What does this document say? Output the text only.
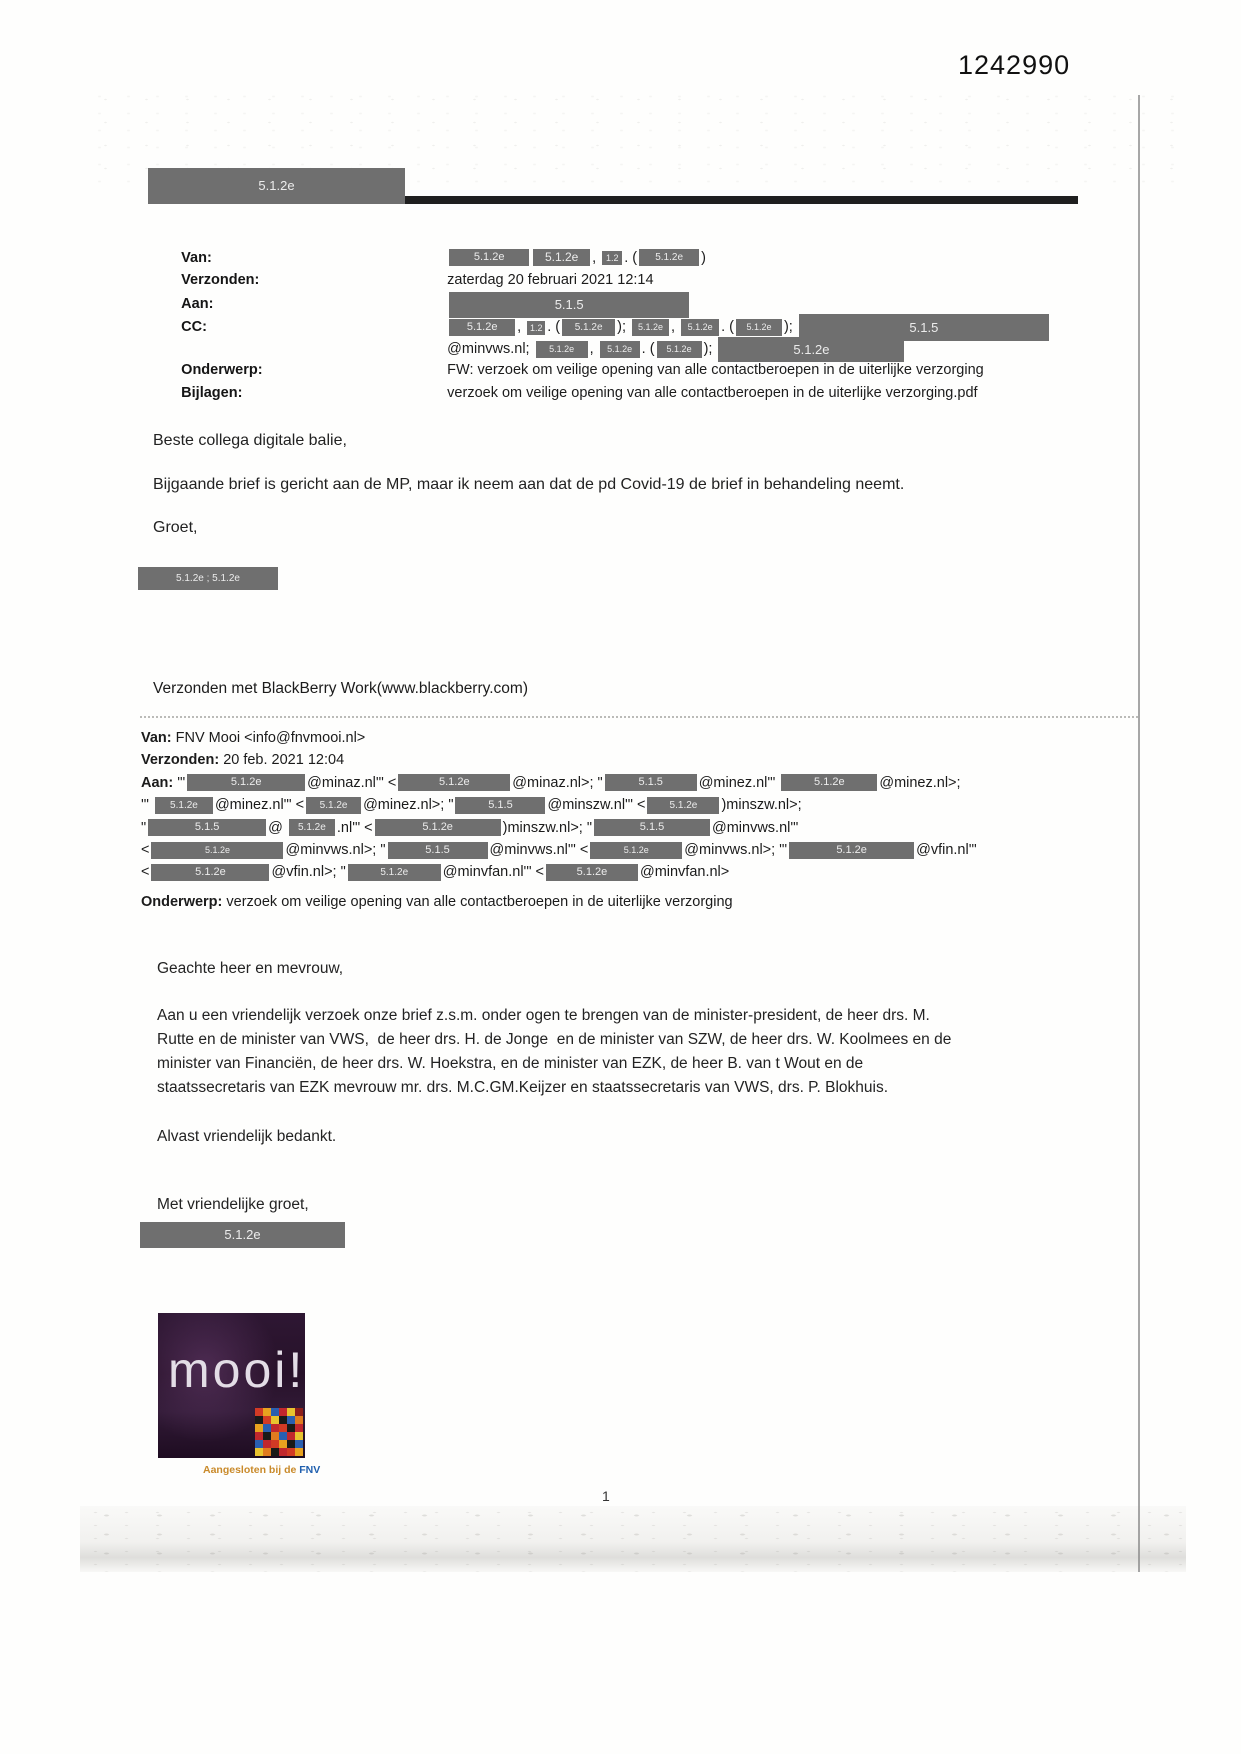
1242990
5.1.2e

Van:	5.1.2e	5.1.2e , 1.2 . ( 5.1.2e )

Verzonden:	zaterdag 20 februari 2021 12:14

Aan:	5.1.5

CC:	5.1.2e , 1.2 . ( 5.1.2e ); 5.1.2e , 5.1.2e . ( 5.1.2e );	5.1.5

@minvws.nl; 5.1.2e , 5.1.2e . ( 5.1.2e );	5.1.2e

Onderwerp:	FW: verzoek om veilige opening van alle contactberoepen in de uiterlijke verzorging

Bijlagen:	verzoek om veilige opening van alle contactberoepen in de uiterlijke verzorging.pdf

Beste collega digitale balie,
Bijgaande brief is gericht aan de MP, maar ik neem aan dat de pd Covid-19 de brief in behandeling neemt.
Groet,
5.1.2e ; 5.1.2e
Verzonden met BlackBerry Work(www.blackberry.com)
Van: FNV Mooi <info@fnvmooi.nl>
Verzonden: 20 feb. 2021 12:04
Aan: '"	5.1.2e	@minaz.nl'" <	5.1.2e	@minaz.nl>; "	5.1.5 @minez.nl'"	5.1.2e @minez.nl>;
'" 5.1.2e @minez.nl'" < 5.1.2e @minez.nl>; "	5.1.5 @minszw.nl'" < 5.1.2e )minszw.nl>;
"	5.1.5	@ 5.1.2e .nl'" <	5.1.2e	)minszw.nl>; "	5.1.5	@minvws.nl'"
<	5.1.2e	@minvws.nl>; "	5.1.5	@minvws.nl'" <	5.1.2e @minvws.nl>; "'	5.1.2e	@vfin.nl'"
<	5.1.2e	@vfin.nl>; "	5.1.2e @minvfan.nl'" <	5.1.2e @minvfan.nl>
Onderwerp: verzoek om veilige opening van alle contactberoepen in de uiterlijke verzorging
Geachte heer en mevrouw,
Aan u een vriendelijk verzoek onze brief z.s.m. onder ogen te brengen van de minister-president, de heer drs. M.
Rutte en de minister van VWS,  de heer drs. H. de Jonge  en de minister van SZW, de heer drs. W. Koolmees en de
minister van Financiën, de heer drs. W. Hoekstra, en de minister van EZK, de heer B. van t Wout en de
staatssecretaris van EZK mevrouw mr. drs. M.C.GM.Keijzer en staatssecretaris van VWS, drs. P. Blokhuis.
Alvast vriendelijk bedankt.
Met vriendelijke groet,
5.1.2e
mooi!
Aangesloten bij de FNV
1
